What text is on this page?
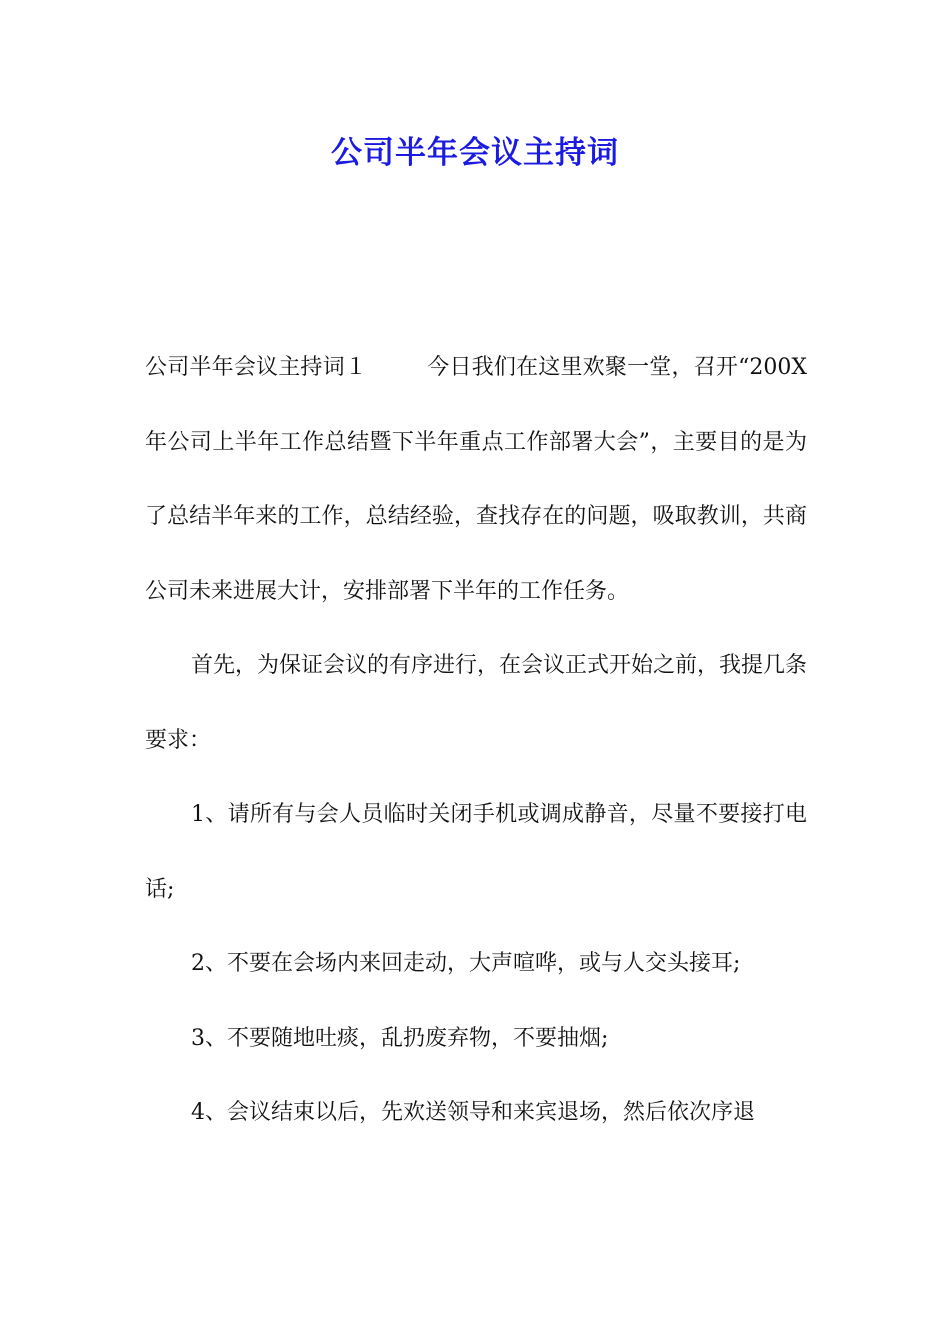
公司半年会议主持词

公司半年会议主持词１	今日我们在这里欢聚一堂，召开“200X年公司上半年工作总结暨下半年重点工作部署大会”，主要目的是为了总结半年来的工作，总结经验，查找存在的问题，吸取教训，共商公司未来进展大计，安排部署下半年的工作任务。

首先，为保证会议的有序进行，在会议正式开始之前，我提几条要求：

1、请所有与会人员临时关闭手机或调成静音，尽量不要接打电话;

2、不要在会场内来回走动，大声喧哗，或与人交头接耳;

3、不要随地吐痰，乱扔废弃物，不要抽烟;

4、会议结束以后，先欢送领导和来宾退场，然后依次序退
